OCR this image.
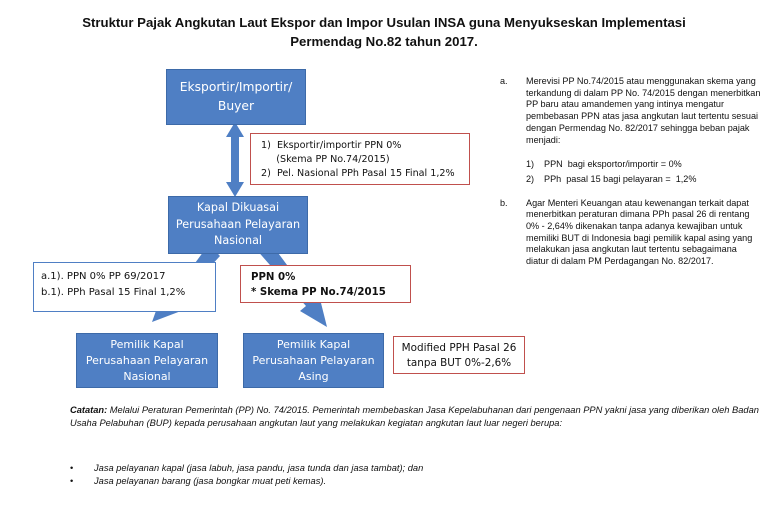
Struktur Pajak Angkutan Laut Ekspor dan Impor Usulan INSA guna Menyukseskan Implementasi
Permendag No.82 tahun 2017.
Eksportir/Importir/
Buyer
Kapal Dikuasai
Perusahaan Pelayaran
Nasional
Pemilik Kapal
Perusahaan Pelayaran
Nasional
Pemilik Kapal
Perusahaan Pelayaran
Asing
1)  Eksportir/importir PPN 0%
(Skema PP No.74/2015)
2)  Pel. Nasional PPh Pasal 15 Final 1,2%
a.1). PPN 0% PP 69/2017
b.1). PPh Pasal 15 Final 1,2%
PPN 0%
* Skema PP No.74/2015
Modified PPH Pasal 26
tanpa BUT 0%-2,6%
a. Merevisi PP No.74/2015 atau menggunakan skema yang terkandung di dalam PP No. 74/2015 dengan menerbitkan PP baru atau amandemen yang intinya mengatur pembebasan PPN atas jasa angkutan laut tertentu sesuai dengan Permendag No. 82/2017 sehingga beban pajak menjadi:
1) PPN  bagi eksportor/importir = 0%
2) PPh  pasal 15 bagi pelayaran =  1,2%
b. Agar Menteri Keuangan atau kewenangan terkait dapat menerbitkan peraturan dimana PPh pasal 26 di rentang 0% - 2,64% dikenakan tanpa adanya kewajiban untuk memiliki BUT di Indonesia bagi pemilik kapal asing yang melakukan jasa angkutan laut tertentu sebagaimana diatur di dalam PM Perdagangan No. 82/2017.
Catatan: Melalui Peraturan Pemerintah (PP) No. 74/2015. Pemerintah membebaskan Jasa Kepelabuhanan dari pengenaan PPN yakni jasa yang diberikan oleh Badan Usaha Pelabuhan (BUP) kepada perusahaan angkutan laut yang melakukan kegiatan angkutan laut luar negeri berupa:
• Jasa pelayanan kapal (jasa labuh, jasa pandu, jasa tunda dan jasa tambat); dan
• Jasa pelayanan barang (jasa bongkar muat peti kemas).
